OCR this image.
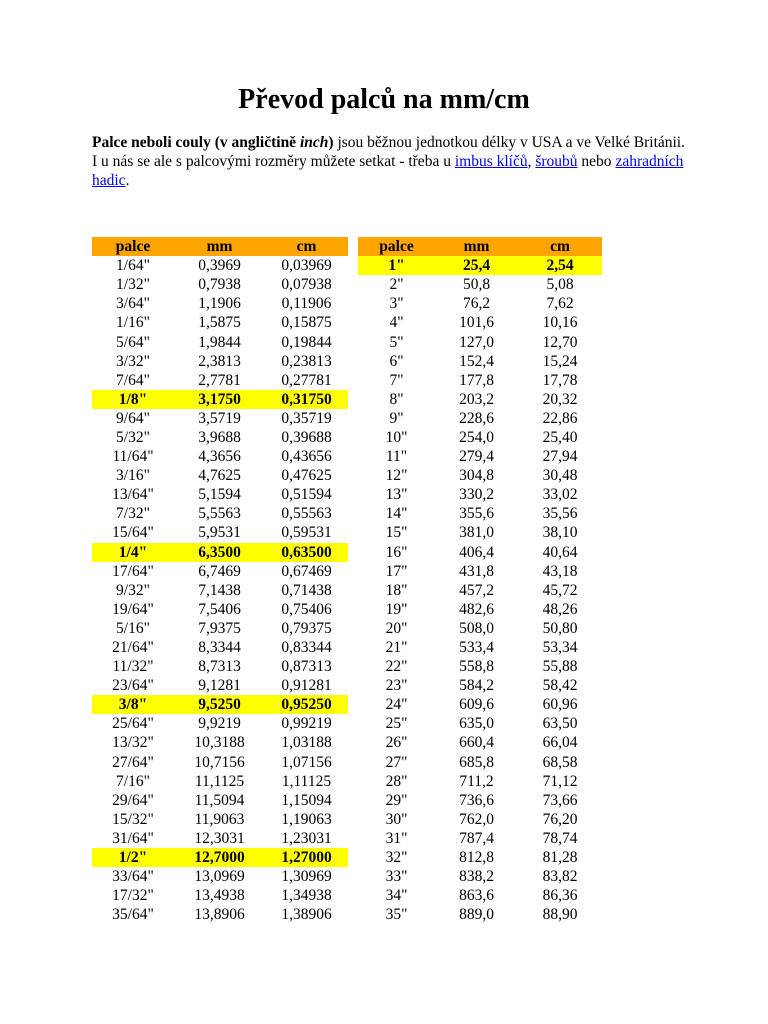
Převod palců na mm/cm
Palce neboli couly (v angličtině inch) jsou běžnou jednotkou délky v USA a ve Velké Británii. I u nás se ale s palcovými rozměry můžete setkat - třeba u imbus klíčů, šroubů nebo zahradních hadic.
palce	mm	cm		palce	mm	cm
1/64"	0,3969	0,03969		1"	25,4	2,54
1/32"	0,7938	0,07938		2"	50,8	5,08
3/64"	1,1906	0,11906		3"	76,2	7,62
1/16"	1,5875	0,15875		4"	101,6	10,16
5/64"	1,9844	0,19844		5"	127,0	12,70
3/32"	2,3813	0,23813		6"	152,4	15,24
7/64"	2,7781	0,27781		7"	177,8	17,78
1/8"	3,1750	0,31750		8"	203,2	20,32
9/64"	3,5719	0,35719		9"	228,6	22,86
5/32"	3,9688	0,39688		10"	254,0	25,40
11/64"	4,3656	0,43656		11"	279,4	27,94
3/16"	4,7625	0,47625		12"	304,8	30,48
13/64"	5,1594	0,51594		13"	330,2	33,02
7/32"	5,5563	0,55563		14"	355,6	35,56
15/64"	5,9531	0,59531		15"	381,0	38,10
1/4"	6,3500	0,63500		16"	406,4	40,64
17/64"	6,7469	0,67469		17"	431,8	43,18
9/32"	7,1438	0,71438		18"	457,2	45,72
19/64"	7,5406	0,75406		19"	482,6	48,26
5/16"	7,9375	0,79375		20"	508,0	50,80
21/64"	8,3344	0,83344		21"	533,4	53,34
11/32"	8,7313	0,87313		22"	558,8	55,88
23/64"	9,1281	0,91281		23"	584,2	58,42
3/8"	9,5250	0,95250		24"	609,6	60,96
25/64"	9,9219	0,99219		25"	635,0	63,50
13/32"	10,3188	1,03188		26"	660,4	66,04
27/64"	10,7156	1,07156		27"	685,8	68,58
7/16"	11,1125	1,11125		28"	711,2	71,12
29/64"	11,5094	1,15094		29"	736,6	73,66
15/32"	11,9063	1,19063		30"	762,0	76,20
31/64"	12,3031	1,23031		31"	787,4	78,74
1/2"	12,7000	1,27000		32"	812,8	81,28
33/64"	13,0969	1,30969		33"	838,2	83,82
17/32"	13,4938	1,34938		34"	863,6	86,36
35/64"	13,8906	1,38906		35"	889,0	88,90
